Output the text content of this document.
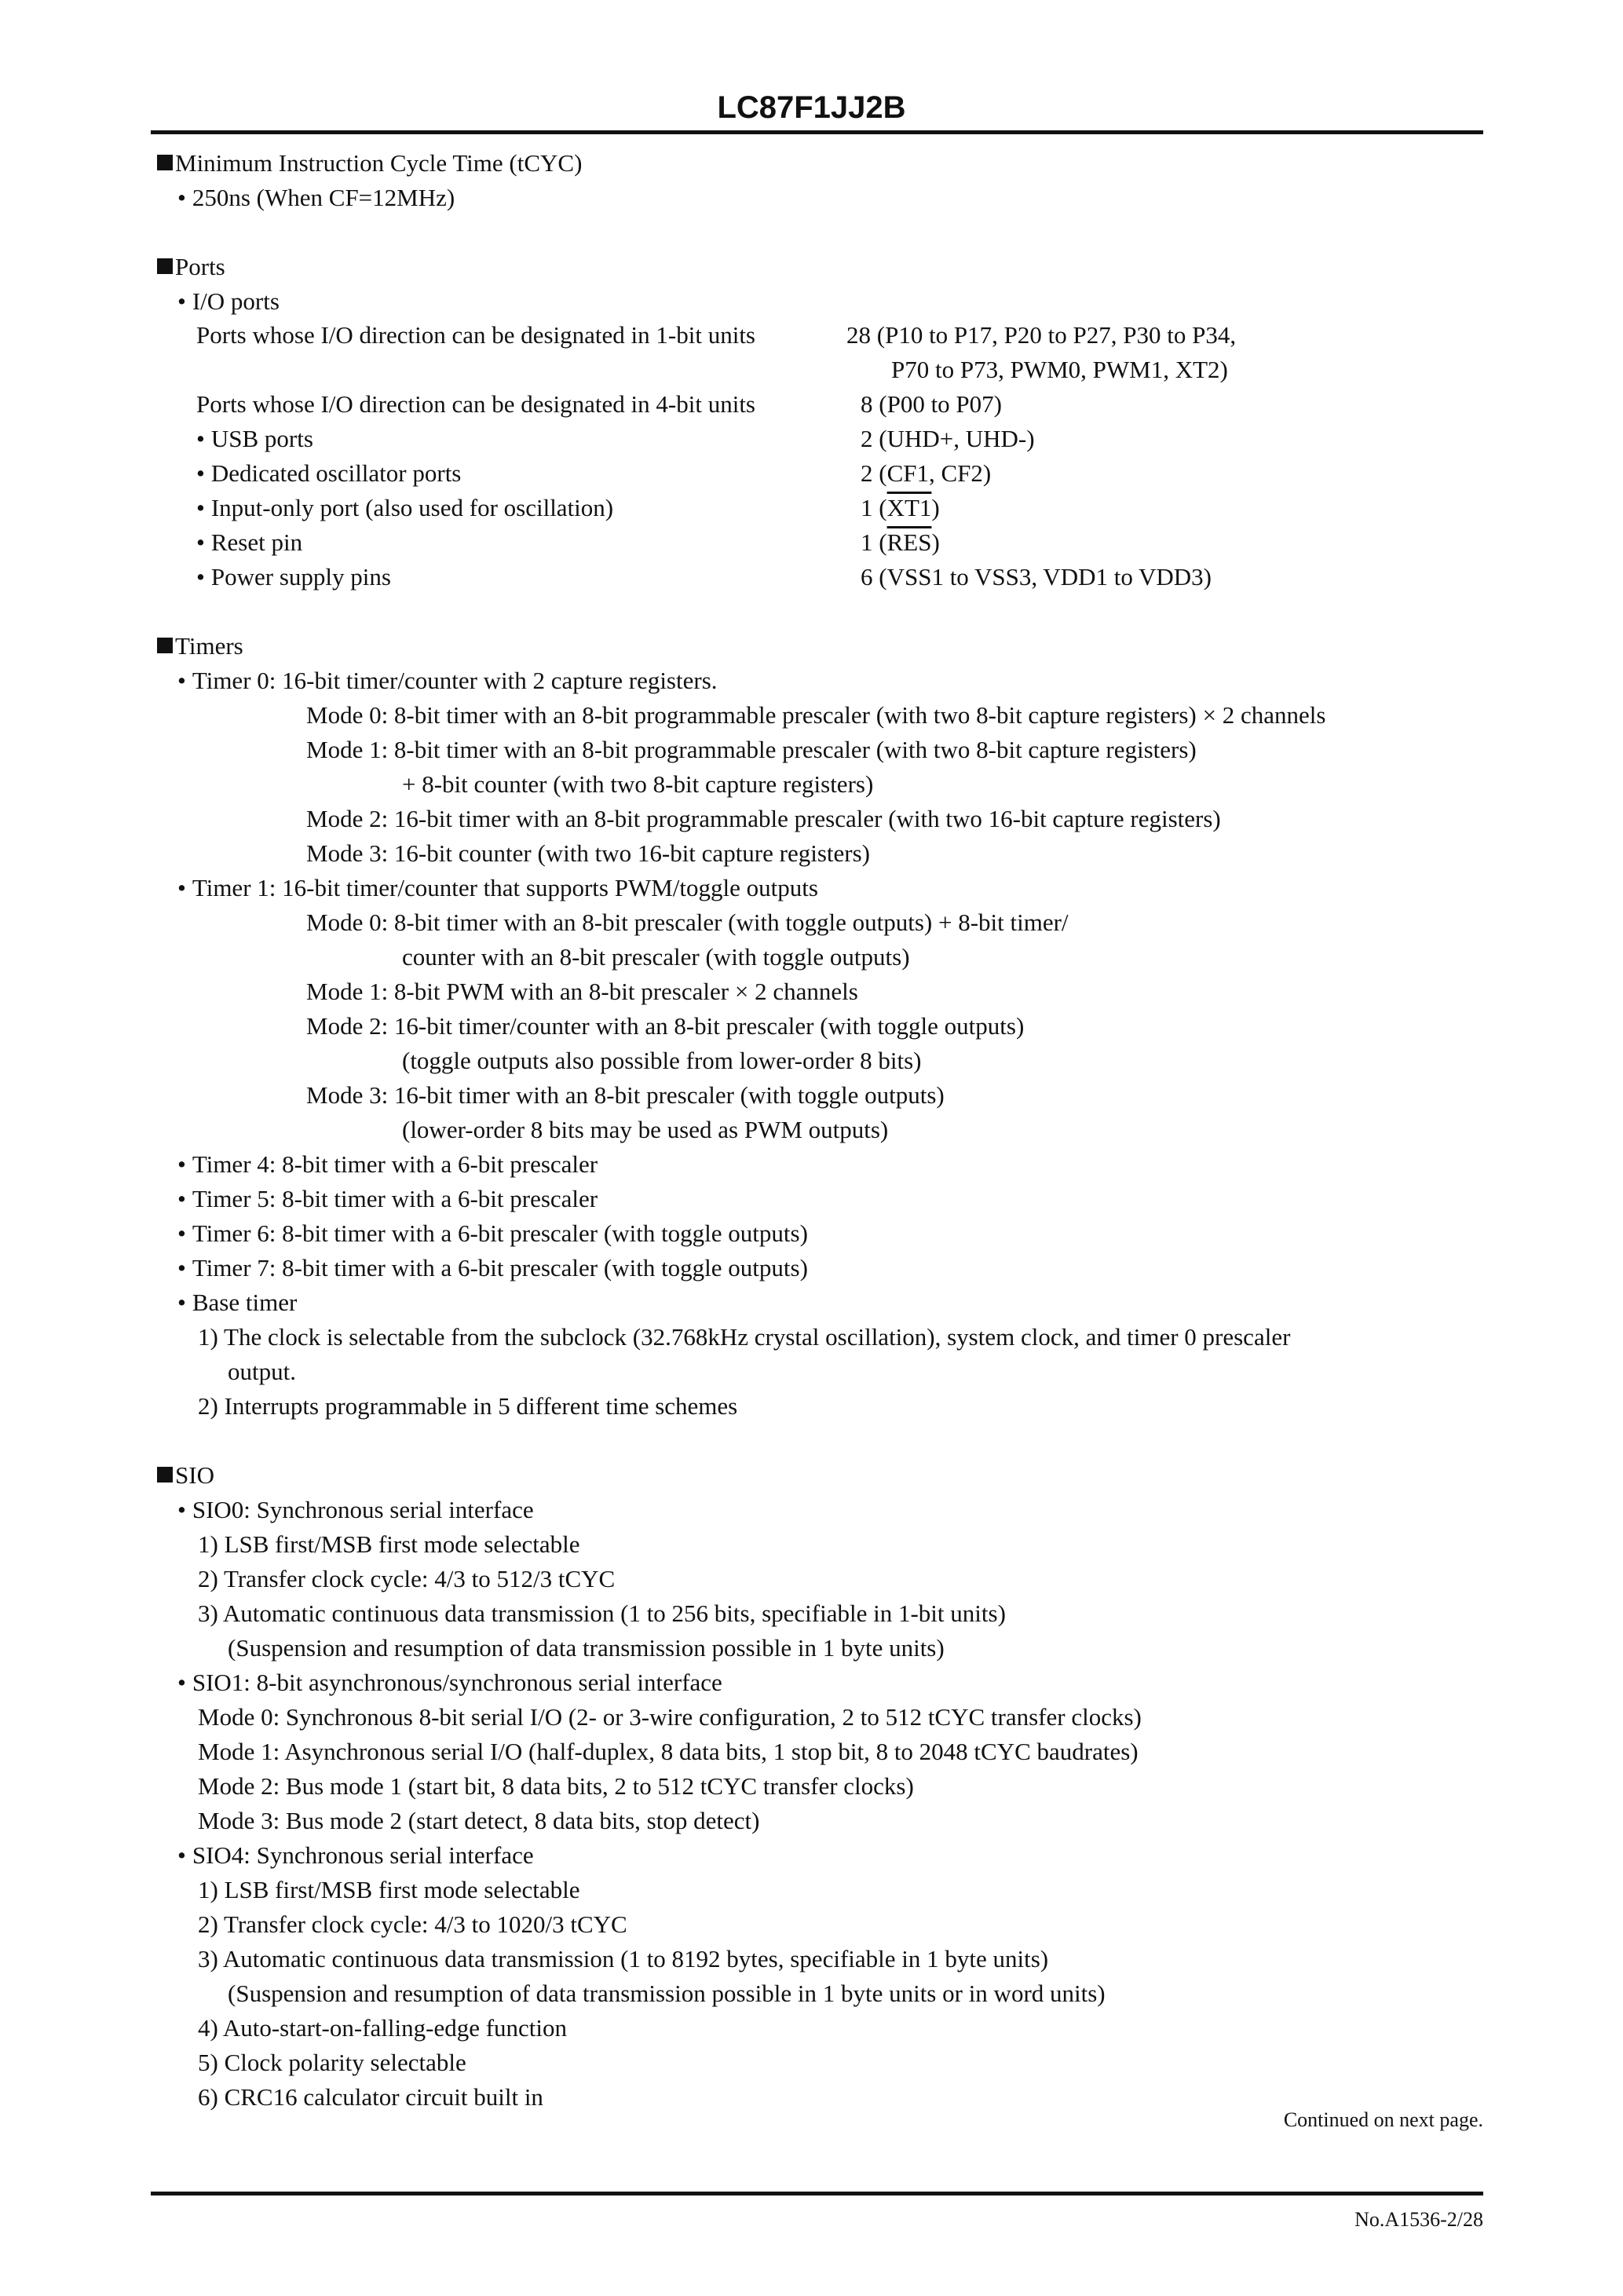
LC87F1JJ2B
Minimum Instruction Cycle Time (tCYC)
• 250ns (When CF=12MHz)
Ports
• I/O ports
Ports whose I/O direction can be designated in 1-bit units	28 (P10 to P17, P20 to P27, P30 to P34,
P70 to P73, PWM0, PWM1, XT2)
Ports whose I/O direction can be designated in 4-bit units	8 (P00 to P07)
• USB ports	2 (UHD+, UHD-)
• Dedicated oscillator ports	2 (CF1, CF2)
• Input-only port (also used for oscillation)	1 (XT1)
• Reset pin	1 $(\overline{RES})$
• Power supply pins	6 (VSS1 to VSS3, VDD1 to VDD3)
Timers
• Timer 0: 16-bit timer/counter with 2 capture registers.
Mode 0: 8-bit timer with an 8-bit programmable prescaler (with two 8-bit capture registers) × 2 channels
Mode 1: 8-bit timer with an 8-bit programmable prescaler (with two 8-bit capture registers)
+ 8-bit counter (with two 8-bit capture registers)
Mode 2: 16-bit timer with an 8-bit programmable prescaler (with two 16-bit capture registers)
Mode 3: 16-bit counter (with two 16-bit capture registers)
• Timer 1: 16-bit timer/counter that supports PWM/toggle outputs
Mode 0: 8-bit timer with an 8-bit prescaler (with toggle outputs) + 8-bit timer/
counter with an 8-bit prescaler (with toggle outputs)
Mode 1: 8-bit PWM with an 8-bit prescaler × 2 channels
Mode 2: 16-bit timer/counter with an 8-bit prescaler (with toggle outputs)
(toggle outputs also possible from lower-order 8 bits)
Mode 3: 16-bit timer with an 8-bit prescaler (with toggle outputs)
(lower-order 8 bits may be used as PWM outputs)
• Timer 4: 8-bit timer with a 6-bit prescaler
• Timer 5: 8-bit timer with a 6-bit prescaler
• Timer 6: 8-bit timer with a 6-bit prescaler (with toggle outputs)
• Timer 7: 8-bit timer with a 6-bit prescaler (with toggle outputs)
• Base timer
1) The clock is selectable from the subclock (32.768kHz crystal oscillation), system clock, and timer 0 prescaler
output.
2) Interrupts programmable in 5 different time schemes
SIO
• SIO0: Synchronous serial interface
1) LSB first/MSB first mode selectable
2) Transfer clock cycle: 4/3 to 512/3 tCYC
3) Automatic continuous data transmission (1 to 256 bits, specifiable in 1-bit units)
(Suspension and resumption of data transmission possible in 1 byte units)
• SIO1: 8-bit asynchronous/synchronous serial interface
Mode 0: Synchronous 8-bit serial I/O (2- or 3-wire configuration, 2 to 512 tCYC transfer clocks)
Mode 1: Asynchronous serial I/O (half-duplex, 8 data bits, 1 stop bit, 8 to 2048 tCYC baudrates)
Mode 2: Bus mode 1 (start bit, 8 data bits, 2 to 512 tCYC transfer clocks)
Mode 3: Bus mode 2 (start detect, 8 data bits, stop detect)
• SIO4: Synchronous serial interface
1) LSB first/MSB first mode selectable
2) Transfer clock cycle: 4/3 to 1020/3 tCYC
3) Automatic continuous data transmission (1 to 8192 bytes, specifiable in 1 byte units)
(Suspension and resumption of data transmission possible in 1 byte units or in word units)
4) Auto-start-on-falling-edge function
5) Clock polarity selectable
6) CRC16 calculator circuit built in
Continued on next page.
No.A1536-2/28
